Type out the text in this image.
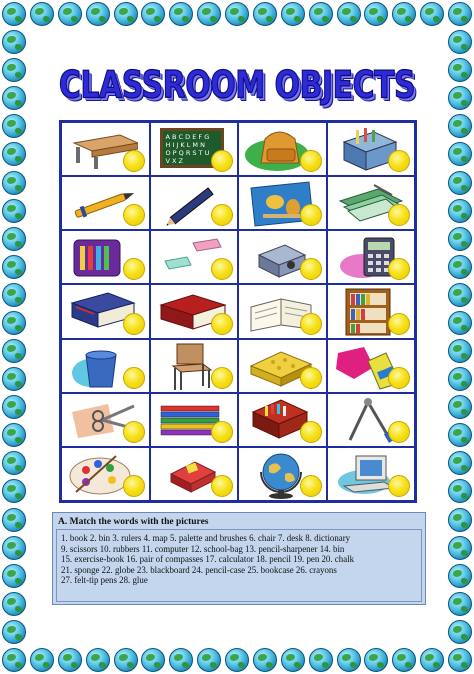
CLASSROOM OBJECTS
A B C D E F G
H I J K L M N
O P Q R S T U
V X Z
A. Match the words with the pictures
1. book 2. bin 3. rulers 4. map 5. palette and brushes 6. chair 7. desk 8. dictionary
9. scissors 10. rubbers 11. computer 12. school-bag 13. pencil-sharpener 14. bin
15. exercise-book 16. pair of compasses 17. calculator 18. pencil 19. pen 20. chalk
21. sponge 22. globe 23. blackboard 24. pencil-case 25. bookcase 26. crayons
27. felt-tip pens 28. glue
